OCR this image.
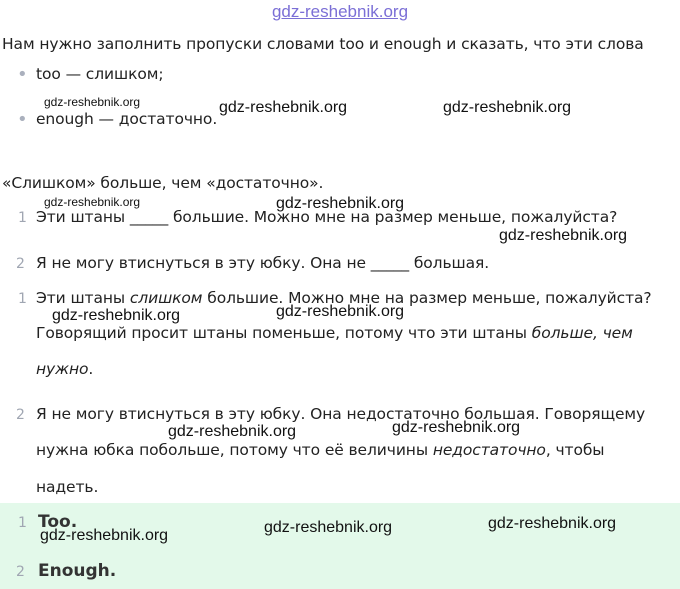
gdz-reshebnik.org
Нам нужно заполнить пропуски словами too и enough и сказать, что эти слова
• too — слишком;
• enough — достаточно.
«Слишком» больше, чем «достаточно».
1 Эти штаны _____ большие. Можно мне на размер меньше, пожалуйста?
2 Я не могу втиснуться в эту юбку. Она не _____ большая.
1 Эти штаны слишком большие. Можно мне на размер меньше, пожалуйста?
Говорящий просит штаны поменьше, потому что эти штаны больше, чем
нужно.
2 Я не могу втиснуться в эту юбку. Она недостаточно большая. Говорящему
нужна юбка побольше, потому что её величины недостаточно, чтобы
надеть.
1 Too.
2 Enough.
gdz-reshebnik.org	gdz-reshebnik.org	gdz-reshebnik.org
gdz-reshebnik.org	gdz-reshebnik.org
gdz-reshebnik.org
gdz-reshebnik.org	gdz-reshebnik.org
gdz-reshebnik.org	gdz-reshebnik.org
gdz-reshebnik.org	gdz-reshebnik.org	gdz-reshebnik.org
